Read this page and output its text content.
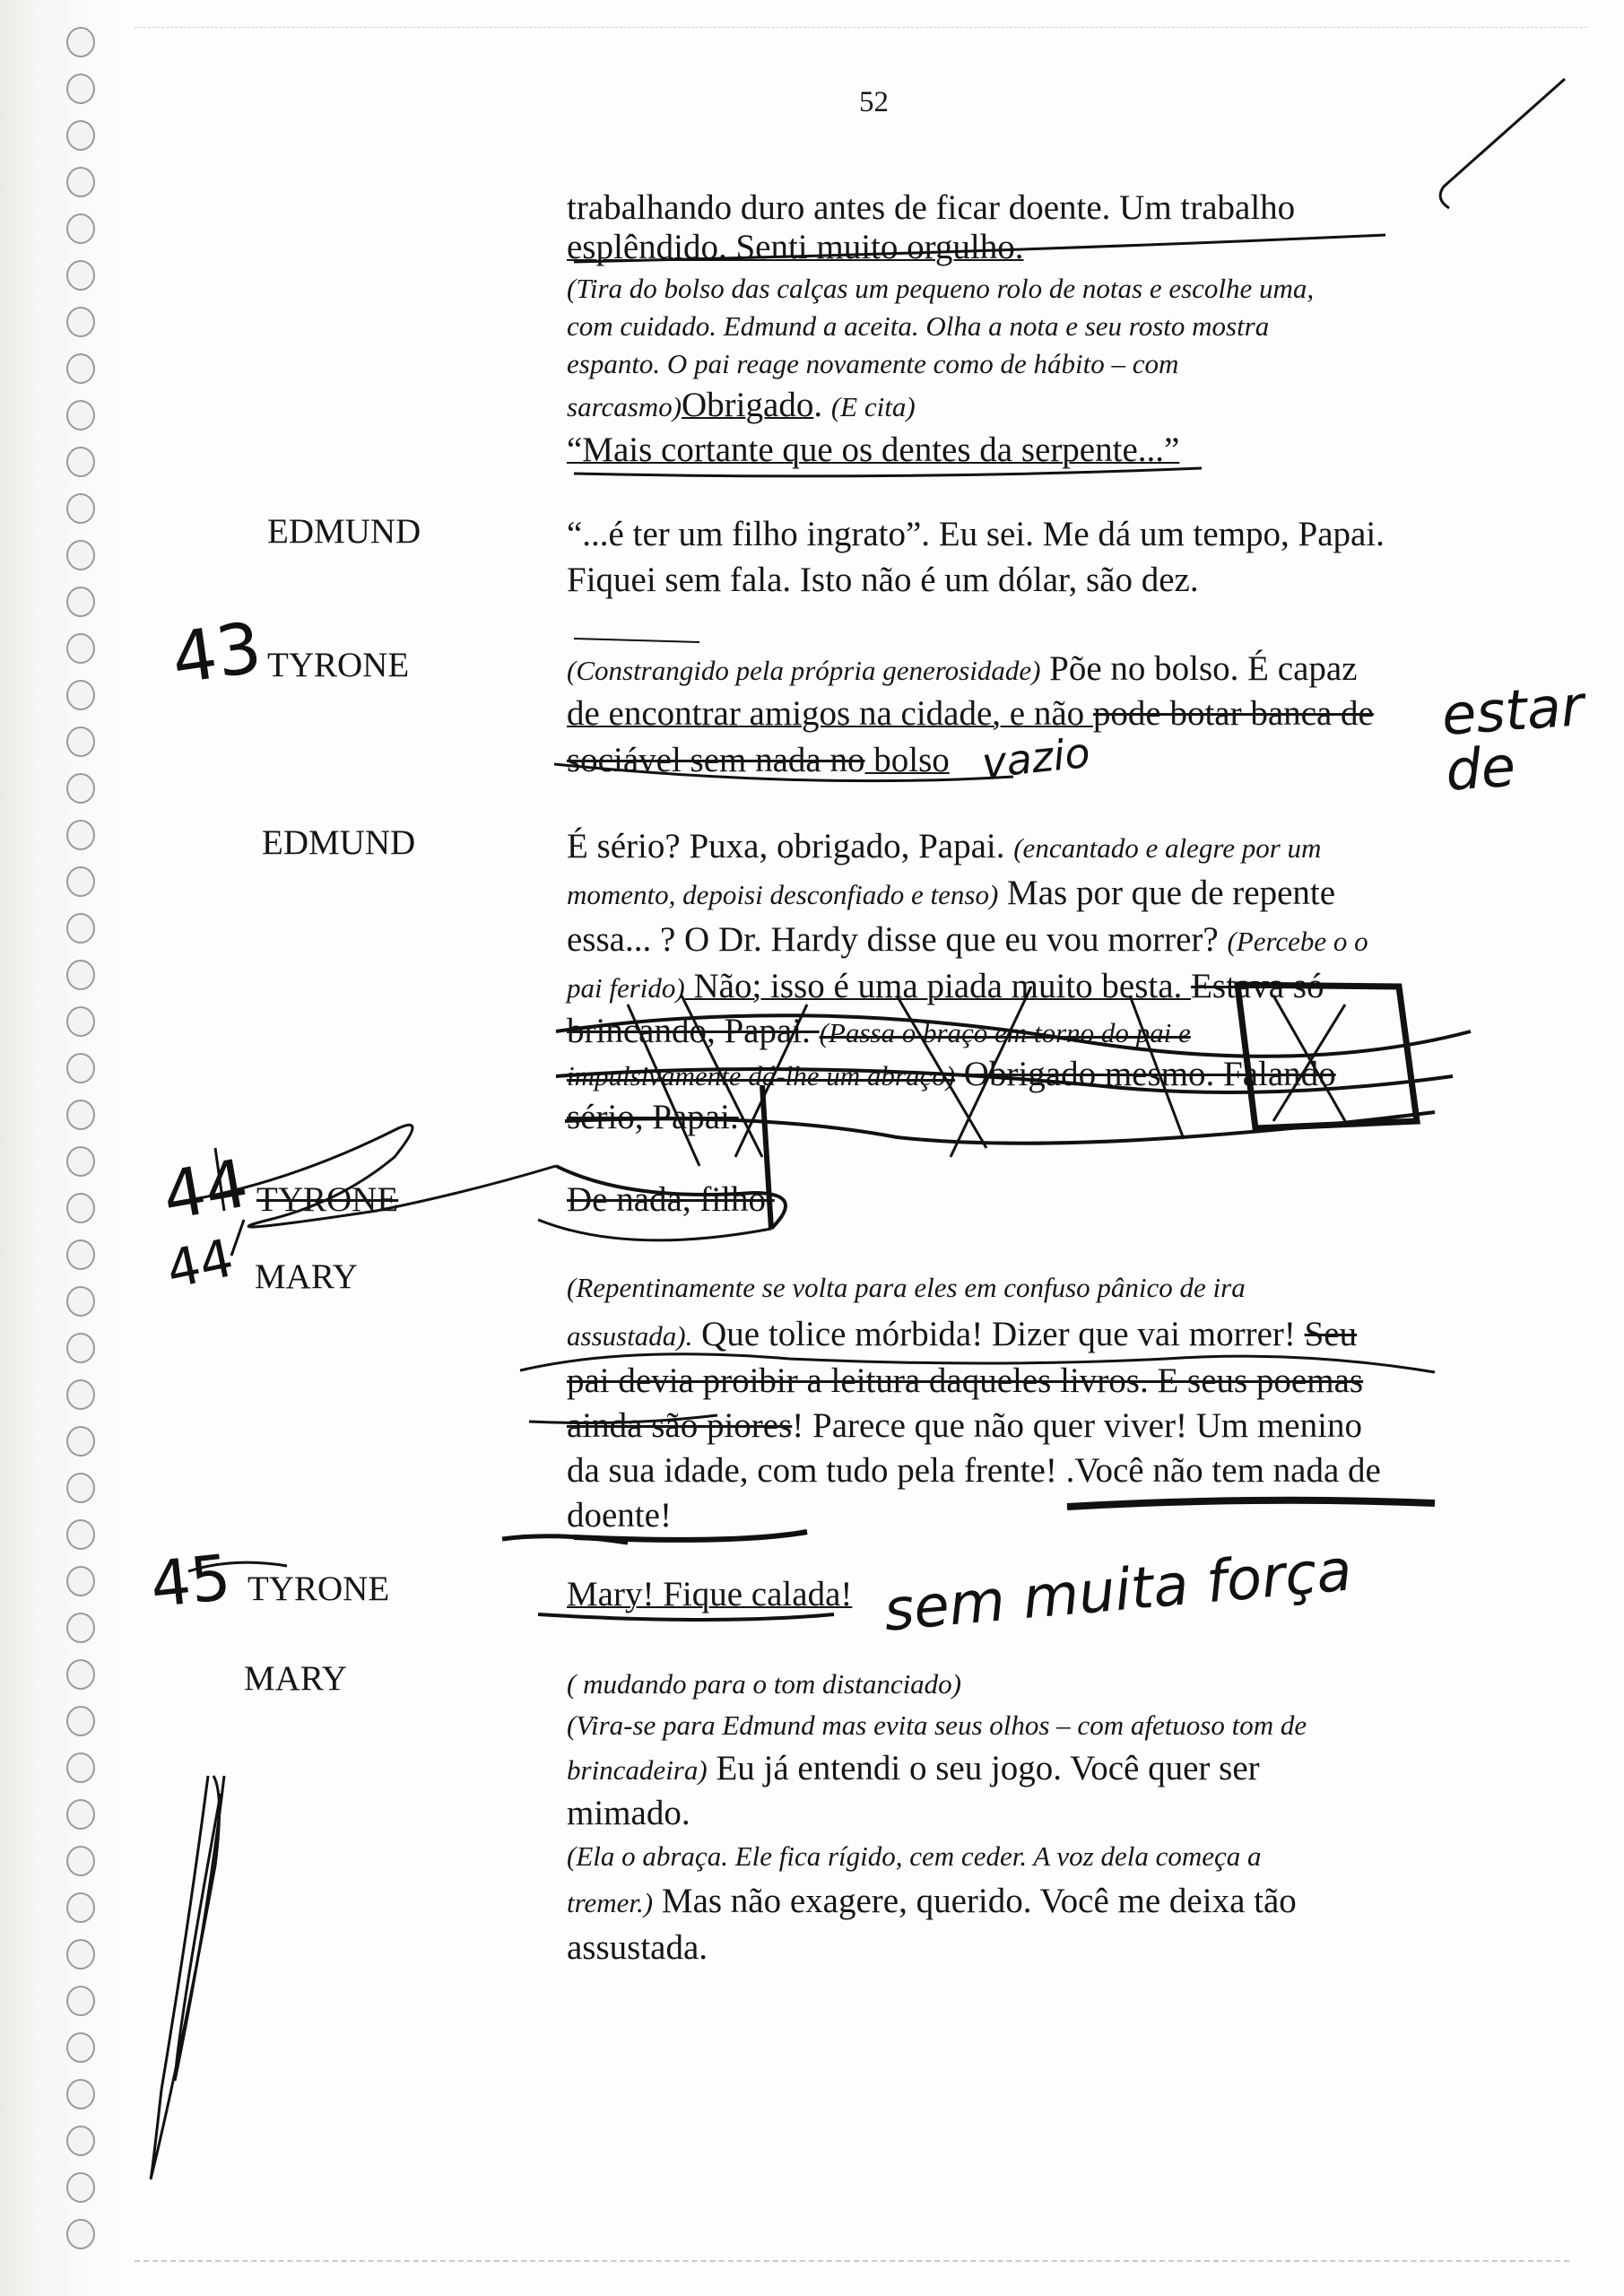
52
EDMUND
TYRONE
EDMUND
TYRONE
MARY
TYRONE
MARY
trabalhando duro antes de ficar doente. Um trabalho
esplêndido. Senti muito orgulho.
(Tira do bolso das calças um pequeno rolo de notas e escolhe uma,
com cuidado. Edmund a aceita. Olha a nota e seu rosto mostra
espanto. O pai reage novamente como de hábito – com
sarcasmo)Obrigado. (E cita)
“Mais cortante que os dentes da serpente...”
“...é ter um filho ingrato”. Eu sei. Me dá um tempo, Papai.
Fiquei sem fala. Isto não é um dólar, são dez.
(Constrangido pela própria generosidade) Põe no bolso. É capaz
de encontrar amigos na cidade, e não pode botar banca de
sociável sem nada no bolso
É sério? Puxa, obrigado, Papai. (encantado e alegre por um
momento, depoisi desconfiado e tenso) Mas por que de repente
essa... ? O Dr. Hardy disse que eu vou morrer? (Percebe o o
pai ferido) Não; isso é uma piada muito besta. Estava só
brincando, Papai. (Passa o braço em torno do pai e
impulsivamente dá-lhe um abraço) Obrigado mesmo. Falando
sério, Papai.
De nada, filho.
(Repentinamente se volta para eles em confuso pânico de ira
assustada). Que tolice mórbida! Dizer que vai morrer! Seu
pai devia proibir a leitura daqueles livros. E seus poemas
ainda são piores! Parece que não quer viver! Um menino
da sua idade, com tudo pela frente! .Você não tem nada de
doente!
Mary! Fique calada!
( mudando para o tom distanciado)
(Vira-se para Edmund mas evita seus olhos – com afetuoso tom de
brincadeira) Eu já entendi o seu jogo. Você quer ser
mimado.
(Ela o abraça. Ele fica rígido, cem ceder. A voz dela começa a
tremer.) Mas não exagere, querido. Você me deixa tão
assustada.
43
44
44
45
estar de
vazio
sem muita força
